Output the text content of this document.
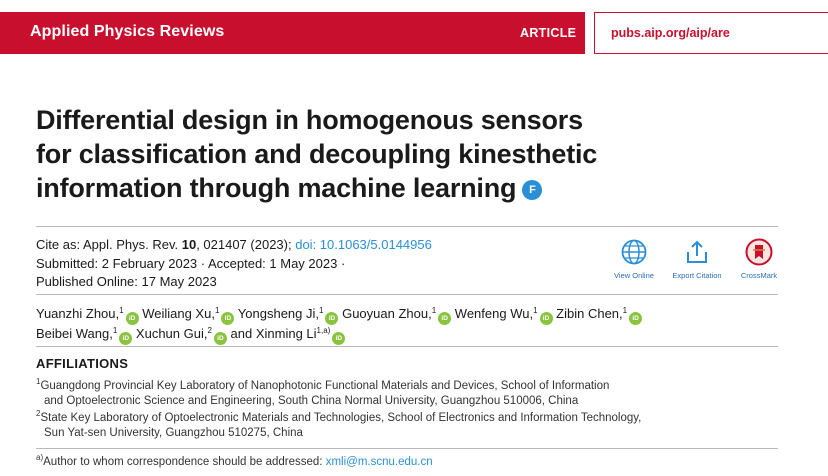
Applied Physics Reviews	ARTICLE	pubs.aip.org/aip/are
Differential design in homogenous sensors
for classification and decoupling kinesthetic
information through machine learning F
Cite as: Appl. Phys. Rev. 10, 021407 (2023); doi: 10.1063/5.0144956
Submitted: 2 February 2023 · Accepted: 1 May 2023 ·
Published Online: 17 May 2023	View Online	Export Citation	CrossMark
Yuanzhi Zhou,$^1$iD Weiliang Xu,$^1$iD Yongsheng Ji,$^1$iD Guoyuan Zhou,$^1$iD Wenfeng Wu,$^1$iD Zibin Chen,$^1$iD
Beibei Wang,$^1$iD Xuchun Gui,$^2$iD and Xinming Li$^{1,a)}$iD
AFFILIATIONS
$^1$Guangdong Provincial Key Laboratory of Nanophotonic Functional Materials and Devices, School of Information
and Optoelectronic Science and Engineering, South China Normal University, Guangzhou 510006, China
$^2$State Key Laboratory of Optoelectronic Materials and Technologies, School of Electronics and Information Technology,
Sun Yat-sen University, Guangzhou 510275, China
$^{a)}$Author to whom correspondence should be addressed: xmli@m.scnu.edu.cn
